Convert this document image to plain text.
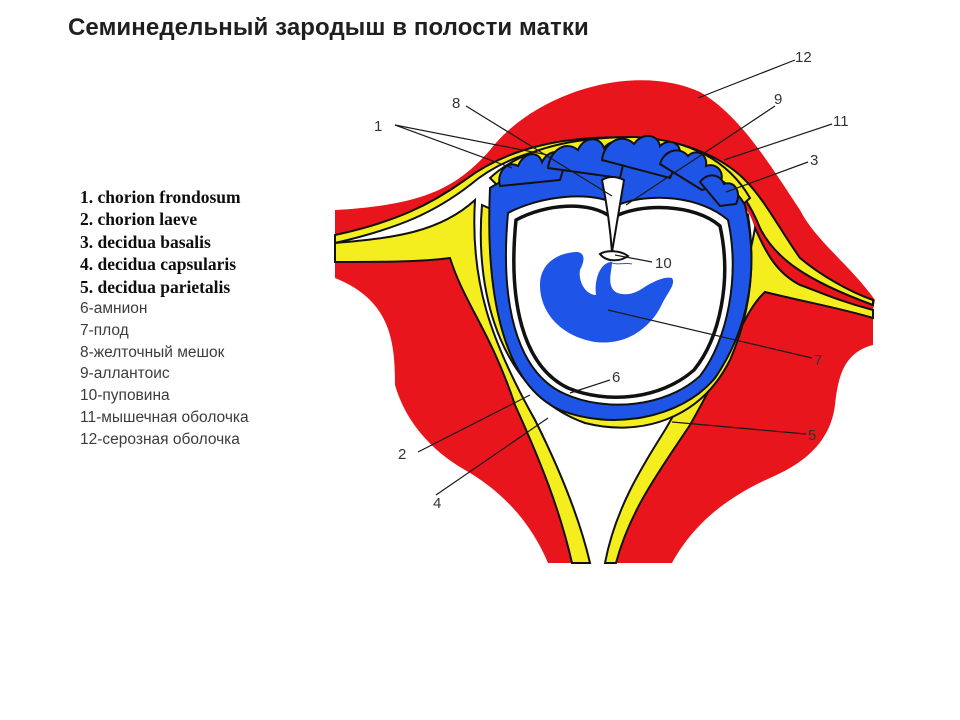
Семинедельный зародыш в полости матки
1. chorion frondosum
2. chorion laeve
3. decidua basalis
4. decidua capsularis
5. decidua parietalis
6-амнион
7-плод
8-желточный мешок
9-аллантоис
10-пуповина
11-мышечная оболочка
12-серозная оболочка
1
8	9
12
11
3
10
7
6
5
2
4
